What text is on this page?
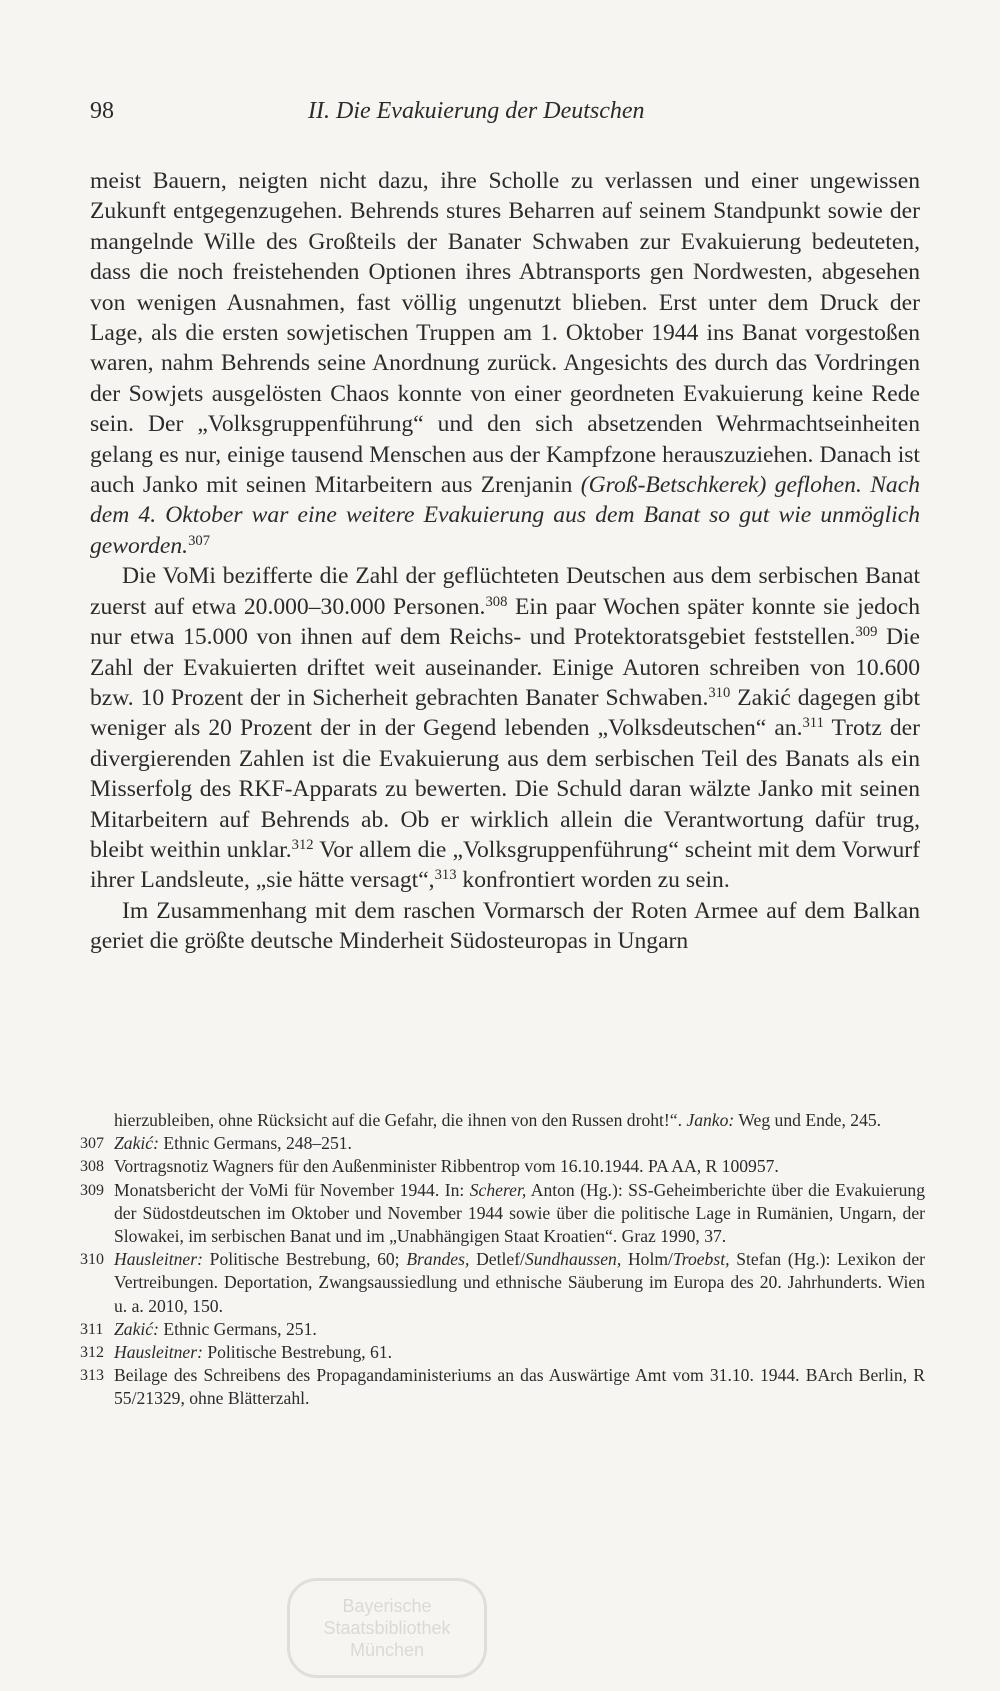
98	II. Die Evakuierung der Deutschen

meist Bauern, neigten nicht dazu, ihre Scholle zu verlassen und einer ungewissen Zukunft entgegenzugehen. Behrends stures Beharren auf seinem Standpunkt sowie der mangelnde Wille des Großteils der Banater Schwaben zur Evakuierung bedeuteten, dass die noch freistehenden Optionen ihres Abtransports gen Nordwesten, abgesehen von wenigen Ausnahmen, fast völlig ungenutzt blieben. Erst unter dem Druck der Lage, als die ersten sowjetischen Truppen am 1. Oktober 1944 ins Banat vorgestoßen waren, nahm Behrends seine Anordnung zurück. Angesichts des durch das Vordringen der Sowjets ausgelösten Chaos konnte von einer geordneten Evakuierung keine Rede sein. Der „Volksgruppenführung“ und den sich absetzenden Wehrmachtseinheiten gelang es nur, einige tausend Menschen aus der Kampfzone herauszuziehen. Danach ist auch Janko mit seinen Mitarbeitern aus Zrenjanin (Groß-Betschkerek) geflohen. Nach dem 4. Oktober war eine weitere Evakuierung aus dem Banat so gut wie unmöglich geworden.$^{307}$

Die VoMi bezifferte die Zahl der geflüchteten Deutschen aus dem serbischen Banat zuerst auf etwa 20.000–30.000 Personen.$^{308}$ Ein paar Wochen später konnte sie jedoch nur etwa 15.000 von ihnen auf dem Reichs- und Protektoratsgebiet feststellen.$^{309}$ Die Zahl der Evakuierten driftet weit auseinander. Einige Autoren schreiben von 10.600 bzw. 10 Prozent der in Sicherheit gebrachten Banater Schwaben.$^{310}$ Zakić dagegen gibt weniger als 20 Prozent der in der Gegend lebenden „Volksdeutschen“ an.$^{311}$ Trotz der divergierenden Zahlen ist die Evakuierung aus dem serbischen Teil des Banats als ein Misserfolg des RKF-Apparats zu bewerten. Die Schuld daran wälzte Janko mit seinen Mitarbeitern auf Behrends ab. Ob er wirklich allein die Verantwortung dafür trug, bleibt weithin unklar.$^{312}$ Vor allem die „Volksgruppenführung“ scheint mit dem Vorwurf ihrer Landsleute, „sie hätte versagt“,$^{313}$ konfrontiert worden zu sein.

Im Zusammenhang mit dem raschen Vormarsch der Roten Armee auf dem Balkan geriet die größte deutsche Minderheit Südosteuropas in Ungarn

hierzubleiben, ohne Rücksicht auf die Gefahr, die ihnen von den Russen droht!“. Janko: Weg und Ende, 245.

307 Zakić: Ethnic Germans, 248–251.

308 Vortragsnotiz Wagners für den Außenminister Ribbentrop vom 16.10.1944. PA AA, R 100957.

309 Monatsbericht der VoMi für November 1944. In: Scherer, Anton (Hg.): SS-Geheimberichte über die Evakuierung der Südostdeutschen im Oktober und November 1944 sowie über die politische Lage in Rumänien, Ungarn, der Slowakei, im serbischen Banat und im „Unabhängigen Staat Kroatien“. Graz 1990, 37.

310 Hausleitner: Politische Bestrebung, 60; Brandes, Detlef/Sundhaussen, Holm/Troebst, Stefan (Hg.): Lexikon der Vertreibungen. Deportation, Zwangsaussiedlung und ethnische Säuberung im Europa des 20. Jahrhunderts. Wien u. a. 2010, 150.

311 Zakić: Ethnic Germans, 251.

312 Hausleitner: Politische Bestrebung, 61.

313 Beilage des Schreibens des Propagandaministeriums an das Auswärtige Amt vom 31.10. 1944. BArch Berlin, R 55/21329, ohne Blätterzahl.

Bayerische
Staatsbibliothek
München
